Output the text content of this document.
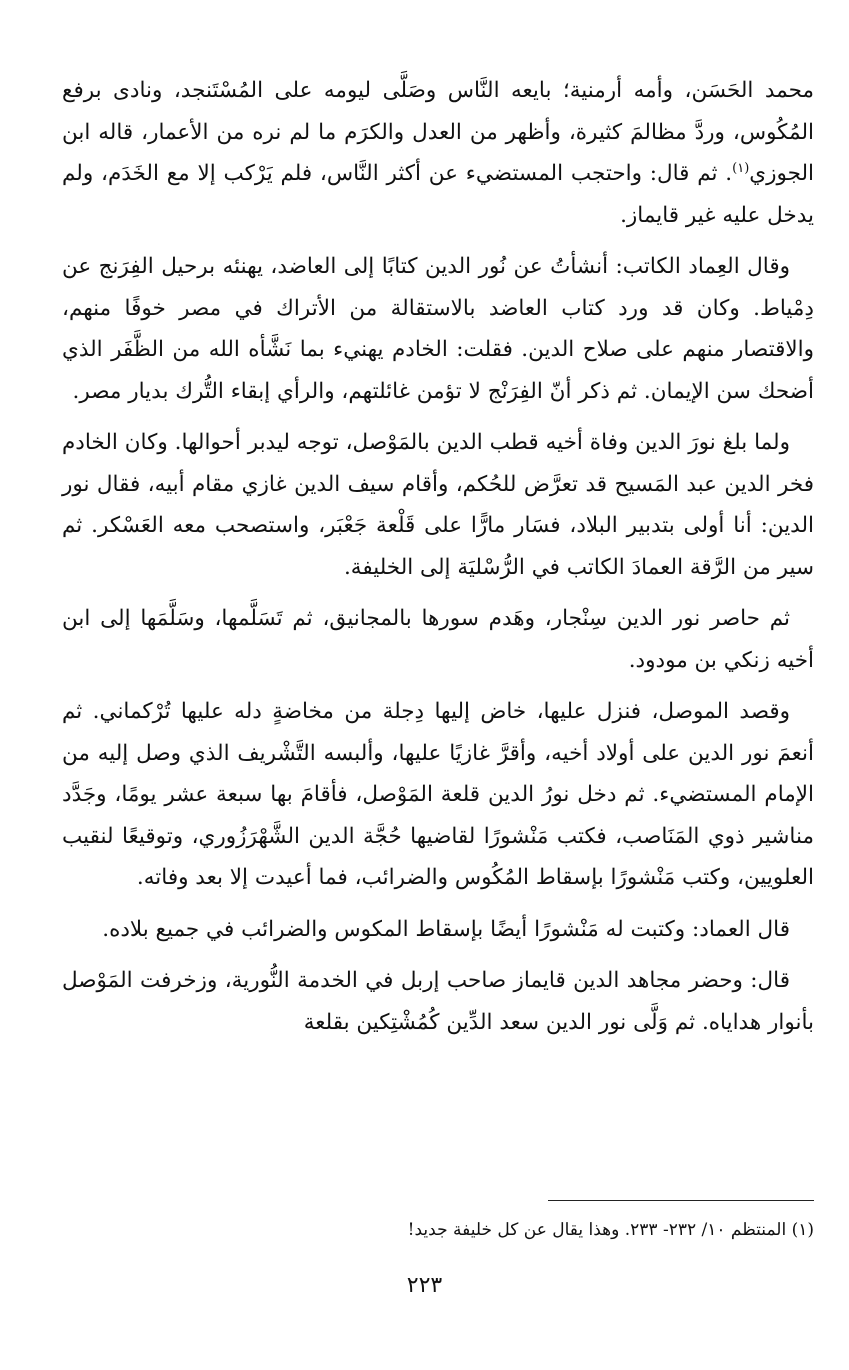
محمد الحَسَن، وأمه أرمنية؛ بايعه النَّاس وصَلَّى ليومه على المُسْتَنجد، ونادى برفع المُكُوس، وردَّ مظالمَ كثيرة، وأظهر من العدل والكرَم ما لم نره من الأعمار، قاله ابن الجوزي$^{(١)}$. ثم قال: واحتجب المستضيء عن أكثر النَّاس، فلم يَرْكب إلا مع الخَدَم، ولم يدخل عليه غير قايماز.

وقال العِماد الكاتب: أنشأتُ عن نُور الدين كتابًا إلى العاضد، يهنئه برحيل الفِرَنج عن دِمْياط. وكان قد ورد كتاب العاضد بالاستقالة من الأتراك في مصر خوفًا منهم، والاقتصار منهم على صلاح الدين. فقلت: الخادم يهنيء بما نَشَّأه الله من الظَّفَر الذي أضحك سن الإيمان. ثم ذكر أنّ الفِرَنْج لا تؤمن غائلتهم، والرأي إبقاء التُّرك بديار مصر.

ولما بلغ نورَ الدين وفاة أخيه قطب الدين بالمَوْصل، توجه ليدبر أحوالها. وكان الخادم فخر الدين عبد المَسيح قد تعرَّض للحُكم، وأقام سيف الدين غازي مقام أبيه، فقال نور الدين: أنا أولى بتدبير البلاد، فسَار مارًّا على قَلْعة جَعْبَر، واستصحب معه العَسْكر. ثم سير من الرَّقة العمادَ الكاتب في الرُّسْليَة إلى الخليفة.

ثم حاصر نور الدين سِنْجار، وهَدم سورها بالمجانيق، ثم تَسَلَّمها، وسَلَّمَها إلى ابن أخيه زنكي بن مودود.

وقصد الموصل، فنزل عليها، خاض إليها دِجلة من مخاضةٍ دله عليها تُرْكماني. ثم أنعمَ نور الدين على أولاد أخيه، وأقرَّ غازيًا عليها، وألبسه التَّشْريف الذي وصل إليه من الإمام المستضيء. ثم دخل نورُ الدين قلعة المَوْصل، فأقامَ بها سبعة عشر يومًا، وجَدَّد مناشير ذوي المَنَاصب، فكتب مَنْشورًا لقاضيها حُجَّة الدين الشَّهْرَزُوري، وتوقيعًا لنقيب العلويين، وكتب مَنْشورًا بإسقاط المُكُوس والضرائب، فما أعيدت إلا بعد وفاته.

قال العماد: وكتبت له مَنْشورًا أيضًا بإسقاط المكوس والضرائب في جميع بلاده.

قال: وحضر مجاهد الدين قايماز صاحب إربل في الخدمة النُّورية، وزخرفت المَوْصل بأنوار هداياه. ثم وَلَّى نور الدين سعد الدِّين كُمُشْتِكين بقلعة

(١) المنتظم ١٠/ ٢٣٢- ٢٣٣. وهذا يقال عن كل خليفة جديد!
٢٢٣
